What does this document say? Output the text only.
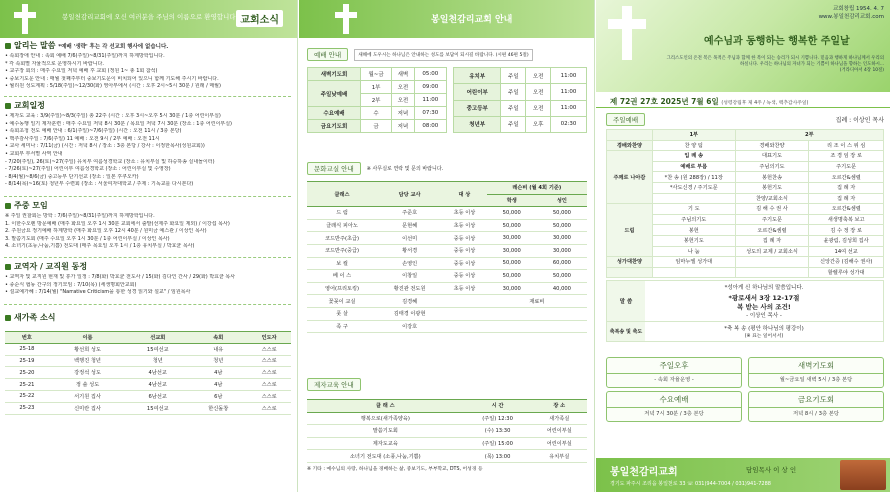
봉일천감리교회에 오신 여러분을 주님의 이름으로 환영합니다 교회소식
알리는 말씀 *예배 '생략' 후는 각 선교회 행사에 없습니다.
• 속회장애 안내 : 속회 예배 7/6(주일)~8/31(주일)까지 하계방학입니다.
* 각 속회별 자율적으로 운영하시기 바랍니다.
• 교구장 회의 : 매주 수요일 저녁 예배 후 교회 (정원 1~ 총 1회 참석)
• 중보기도운 안내 : 매월 첫째주부터 중보기도운이 비치되어 있으니 함께 기도해 주시기 바랍니다.
• 월리원 성도계획 : 5/18(주일)~12/30(화) 영아부에서 (시간 : 오후 2시~5시 30분 / 원래 / 매월)
교회일정
• 제자도 교육 : 3/9(주일)~8/3(주일) 총 22주 (시간 : 오후 3시~오후 5시 30분 / 1층 어린이부실)
• 예수동행 일기 제자훈련 : 매주 수요일 저녁 8시 30분 / 목요일 저녁 7시 30분 (장소 : 1층 어린이부실)
• 속회초청 전도 예배 안내 : 6/1(주일)~7/6(주일) (시간 : 오전 11시 / 3층 본당)
• 맥추감사주일 : 7/6(주일) 11 예배 : 오전 9시 / 2부 예배 : 오전 11시
• 교사 세미나 : 7/11(금) (시간 : 저녁 8시 / 장소 : 3층 본당 / 강사 : 이정한목사(성원교회))
• 교회부 부서별 사역 안내
- 7/20(주일), 26(토)~27(주일) 유치부 여름성경학교 (장소 : 유치부실 및 하승하송 실내놀이터)
- 7/26(토)~27(주일) 어린이부 여름성경학교 (장소 : 어린이부실 및 수영장)
- 8/4(월)~8/6(금) 중고등부 단기선교 (장소 : 일본 후쿠오카)
- 8/14(목)~16(토) 청년부 수련회 (장소 : 서울여자대학교 / 주제 : 기독교를 다시본다)
주중 모임
※ 주일 권찰회는 방학 : 7/6(주일)~8/31(주일)까지 하계방학입니다.
1. 이한수오렌 방문예배 (매주 화요일 오후 1시 30분 교회에서 출발(선제주 화요일 제외) / 이강섭 목사)
2. 주원금요 정기예배 하계방학 (매주 화요일 오후 12시 40분 / 원미금 예스관 / 이상인 목사)
3. 말씀기도회 (매주 수요일 오후 1시 30분 / 1층 어린이부실 / 이상인 목사)
4. 소녀기(초등,나눔,기쁨) 전도대 (매주 목요일 오후 1시 / 1층 유치부실 / 박효균 목사)
교역자 / 교직원 동정
• 교역자 및 교직원 현재 및 휴가 일정 : 7/8(화) 박효균 전도사 / 15(화) 김다인 간사 / 29(화) 박효균 목사
• 종순식 협동 간구의 정기모임 : 7/10(목) (세생명회안교회)
• 설교예가혜 : 7/14(월) "Narrative Criticism을 통한 성경 읽기와 설교" / 임원목사
새가족 소식
번호	이름	선교회	속회	인도자
25-18	황선희 성도	15여선교	내유	스스로
25-19	백행진 청년	청년	청년	스스로
25-20	강정석 성도	4남선교	4남	스스로
25-21	정 솔 성도	4남선교	4남	스스로
25-22	서기원 집사	6남선교	6남	스스로
25-23	신미란 집사	15여선교	한신돌창	스스로
봉일천감리교회 안내
예배 안내	새해에 도우시는 하나님은 안내하는 성도를 보답이 되시길 바랍니다. (시편 46편 5절)
새벽기도회	월~금	새벽	05:00
주일낮예배	1부	오전	09:00
	2부	오전	11:00
수요예배	수	저녁	07:30
금요기도회	금	저녁	08:00
유치부	주일	오전	11:00
어린이부	주일	오전	11:00
중고등부	주일	오전	11:00
청년부	주일	오후	02:30
문화교실 안내	※ 사무실로 연락 및 문의 바랍니다.
클래스	담당 교사	대 상	레슨비 (월 4회 기준)	
			학생	성인
드 럼	주준호	초등 이상	50,000	50,000
클래식 피아노	문현혜	초등 이상	50,000	50,000
코드반주(초급)	이선미	중등 이상	30,000	30,000
코드반주(중급)	황서경	중등 이상	30,000	30,000
보 컬	손영인	중등 이상	50,000	60,000
베 이 스	이창일	중등 이상	50,000	50,000
영어(프리토킹)	황진관 전도원	초등 이상	30,000	40,000
꽃꽂이 교실	김경혜		재료비	
풋 살	김태경 이광현			
족 구	이강호			
제자교육 안내
클 래 스	시 간	장 소
행복으로(새가족양육)	(주일) 12:30	새가족실
말씀기도회	(수) 13:30	어린이부실
제자도교육	(주일) 15:00	어린이부실
소녀기 전도대 (소풍,나눔,기쁨)	(목) 13:00	유치부실
※ 기타 : 예수님의 사랑, 하나님을 경배하는 삶, 중보기도, 부부학교, DTS, 어성경 등
교회창립 1954. 4. 7
www.봉일천감리교회.com
예수님과 동행하는 행복한 주일날
그리스도인의 온전 복은 목적은 주님과 함께 한 복이 되는 승리가 되시 기쁨니다. 믿음과 행하게 하나님께서 우리의 하실니다. 우리는 하나님의 자녀가 되는 기쁨이 하나님을 향하는 인도하시...
(거라디아서 4장 10절)
제 72권 27호 2025년 7월 6일 (성령강림후 제 4주 / 녹색, 맥추감사주일)
주일예배	집례 : 이상인 목사
	1부	2부	
경배와찬양	찬 양 팀	경배와찬양	리 조 이 스 위 심
주께로 나아감	입 례 송	대표기도	조 경 임 장 로
	예배로 부름	주님의기도	주기도문
	*찬 송 (원 288장) / 11장	봉헌찬송	오르간&셈렬
	*사도신경 / 주기도문	봉헌기도	집 례 자
		찬양/교회소식	집 례 자
드림	기 도	김 해 수 권 사	오르간&셈렬
	주님의기도	주기도문	새생명축복 보고
	봉헌	오르간&셈렬	김 수 정 장 로
	봉헌기도	집 례 자	윤광림, 김성희 집사
	나 눔	성도의 교제 / 교회소식	14여 선교
성가대찬양	임마누엘 성가대		신앙간증 (김해수 권사)
			할렐루야 성가대
말 씀
*성아게 신 하나님의 말씀입니다.
*광로새서 3장 12-17절
복 받는 사의 조건!
- 이상인 목사 -
축복송 및 축도	*축 복 송 (평안 하나님의 평강이)
(※ 표는 일어서서)
주일오후
- 속회 자율운영 -
새벽기도회
월~금요일 새벽 5시 / 3층 본당
수요예배
저녁 7시 30분 / 3층 본당
금요기도회
저녁 8시 / 3층 본당
봉일천감리교회	담임목사 이 상 인
경기도 파주시 조리읍 봉일천로 33 ☏ 031)944-7004 / 031)941-7288
